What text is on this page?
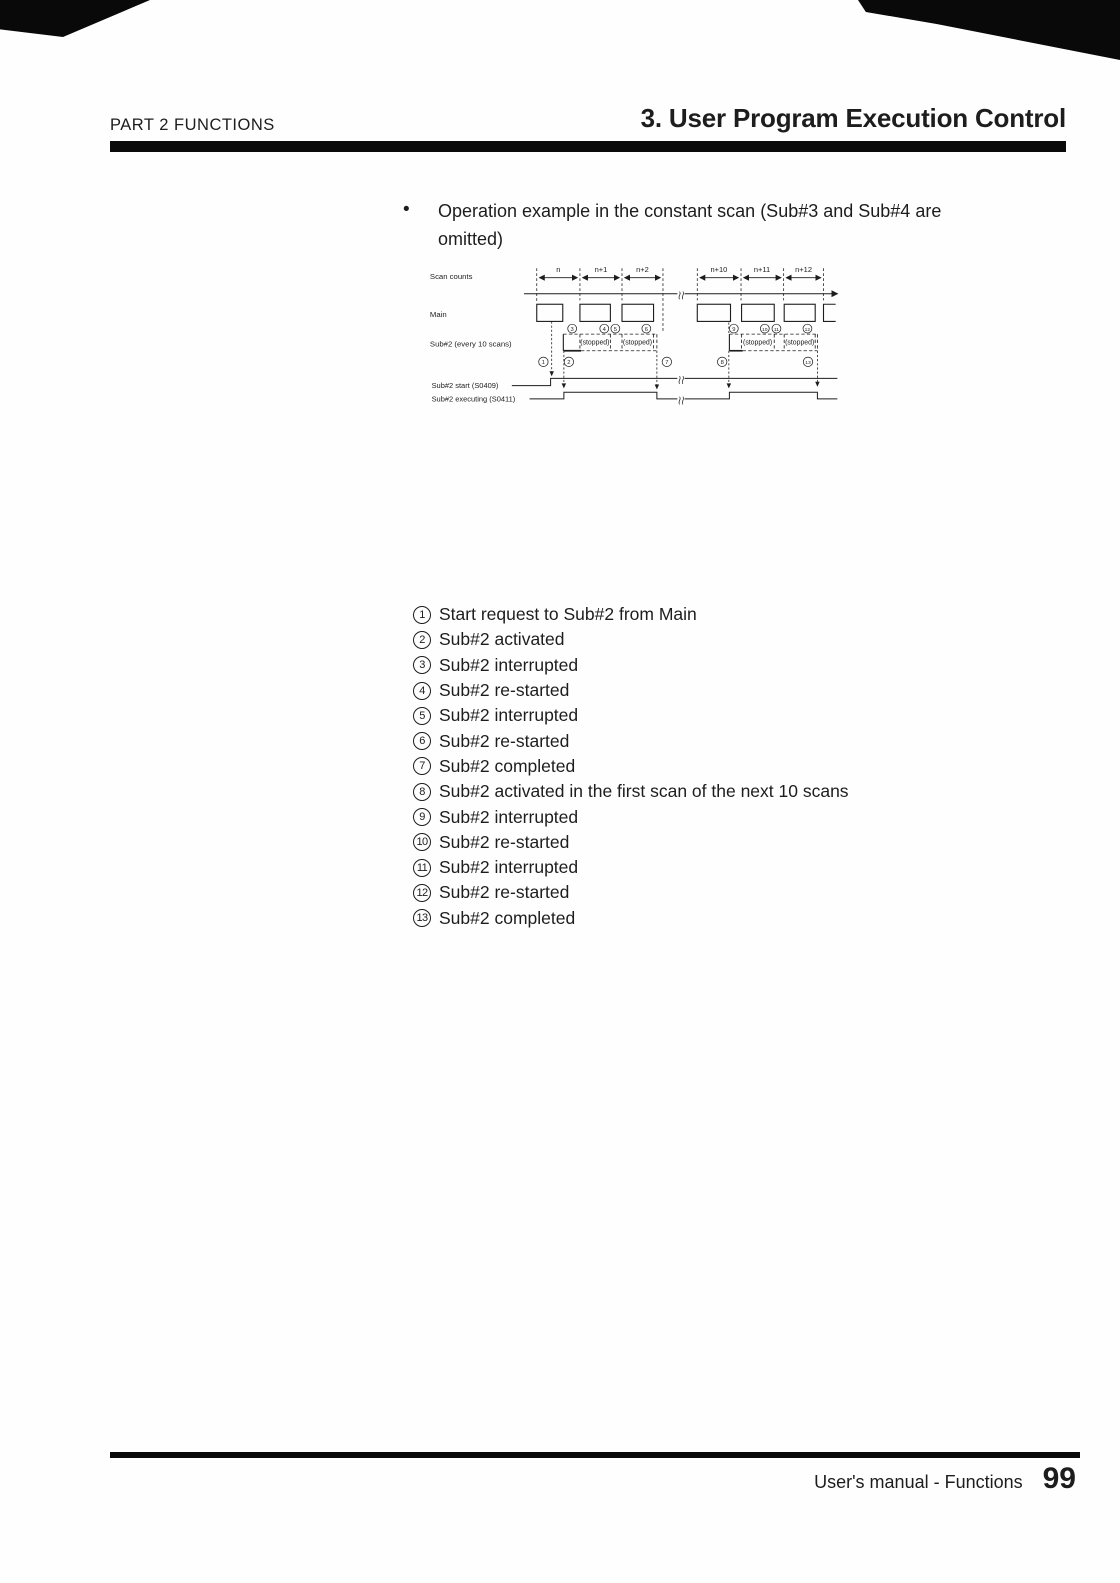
PART 2 FUNCTIONS	3. User Program Execution Control
• Operation example in the constant scan (Sub#3 and Sub#4 are
omitted)
Scan counts
Main
Sub#2 (every 10 scans)
Sub#2 start (S0409)
Sub#2 executing (S0411)
n	n+1 n+2	n+10 n+11 n+12
(stopped) (stopped)	(stopped) (stopped)
3	4 5	6	9	10 11	12
1 2	7	8	13
1 Start request to Sub#2 from Main
2 Sub#2 activated
3 Sub#2 interrupted
4 Sub#2 re-started
5 Sub#2 interrupted
6 Sub#2 re-started
7 Sub#2 completed
8 Sub#2 activated in the first scan of the next 10 scans
9 Sub#2 interrupted
10 Sub#2 re-started
11 Sub#2 interrupted
12 Sub#2 re-started
13 Sub#2 completed
User's manual - Functions 99
